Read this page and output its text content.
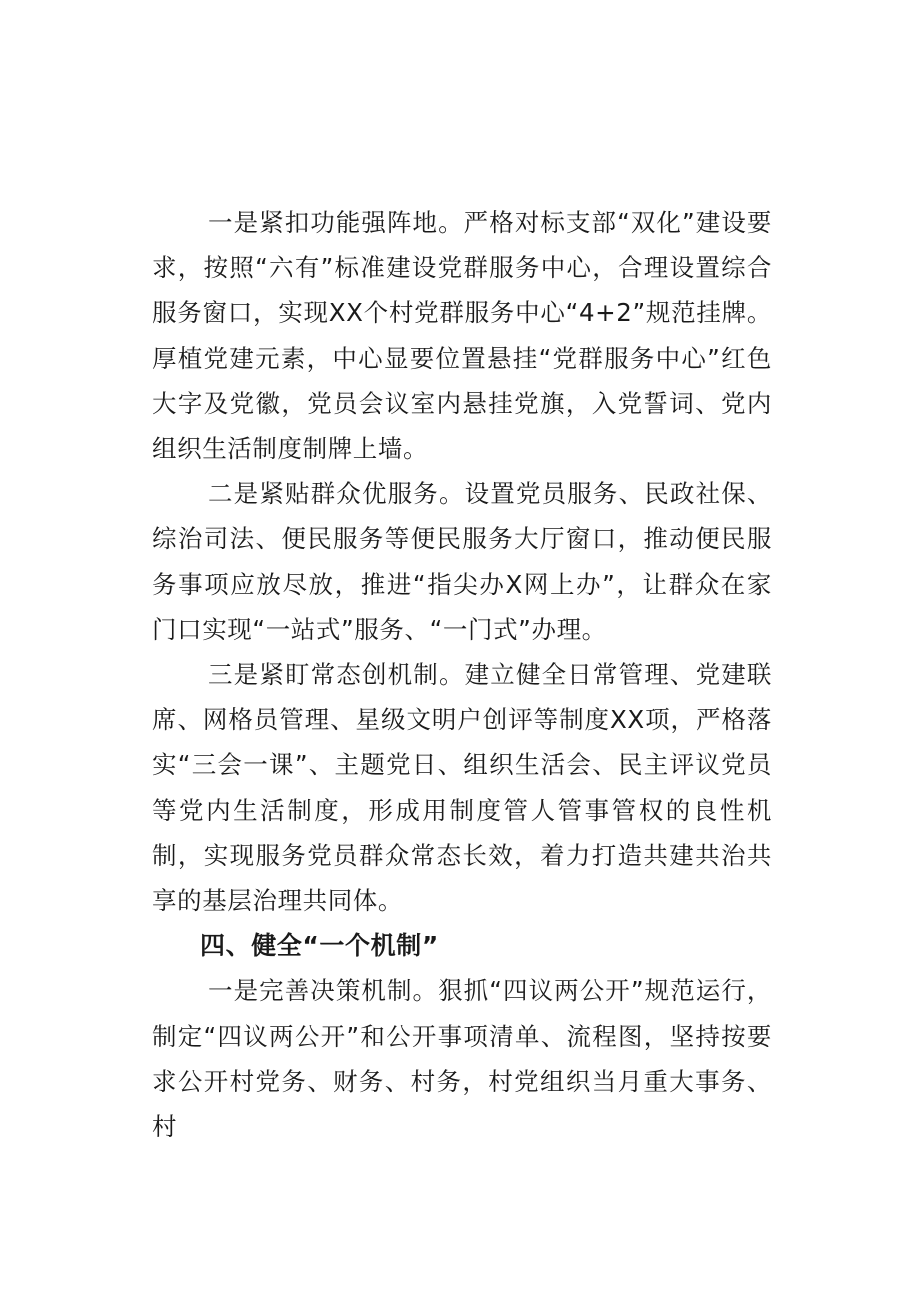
一是紧扣功能强阵地。严格对标支部“双化”建设要求，按照“六有”标准建设党群服务中心，合理设置综合服务窗口，实现XX个村党群服务中心“4+2”规范挂牌。厚植党建元素，中心显要位置悬挂“党群服务中心”红色大字及党徽，党员会议室内悬挂党旗，入党誓词、党内组织生活制度制牌上墙。

二是紧贴群众优服务。设置党员服务、民政社保、综治司法、便民服务等便民服务大厅窗口，推动便民服务事项应放尽放，推进“指尖办X网上办”，让群众在家门口实现“一站式”服务、“一门式”办理。

三是紧盯常态创机制。建立健全日常管理、党建联席、网格员管理、星级文明户创评等制度XX项，严格落实“三会一课”、主题党日、组织生活会、民主评议党员等党内生活制度，形成用制度管人管事管权的良性机制，实现服务党员群众常态长效，着力打造共建共治共享的基层治理共同体。

四、健全“一个机制”

一是完善决策机制。狠抓“四议两公开”规范运行，制定“四议两公开”和公开事项清单、流程图，坚持按要求公开村党务、财务、村务，村党组织当月重大事务、村
